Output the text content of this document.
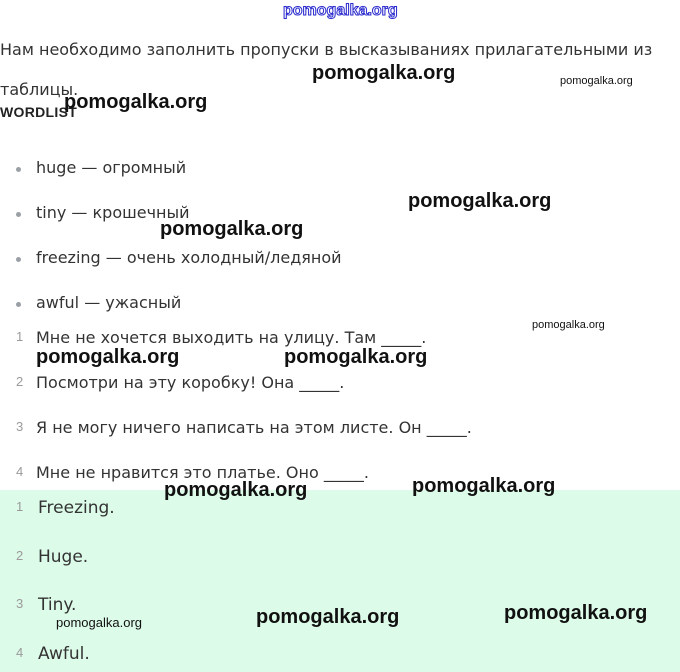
Нам необходимо заполнить пропуски в высказываниях прилагательными из таблицы.
WORDLIST
huge — огромный
tiny — крошечный
freezing — очень холодный/ледяной
awful — ужасный
1 Мне не хочется выходить на улицу. Там _____.
2 Посмотри на эту коробку! Она _____.
3 Я не могу ничего написать на этом листе. Он _____.
4 Мне не нравится это платье. Оно _____.
1 Freezing.
2 Huge.
3 Tiny.
4 Awful.
pomogalka.org
pomogalka.org	pomogalka.org
pomogalka.org
pomogalka.org
pomogalka.org
pomogalka.org
pomogalka.org	pomogalka.org
pomogalka.org	pomogalka.org
pomogalka.org	pomogalka.org
pomogalka.org
